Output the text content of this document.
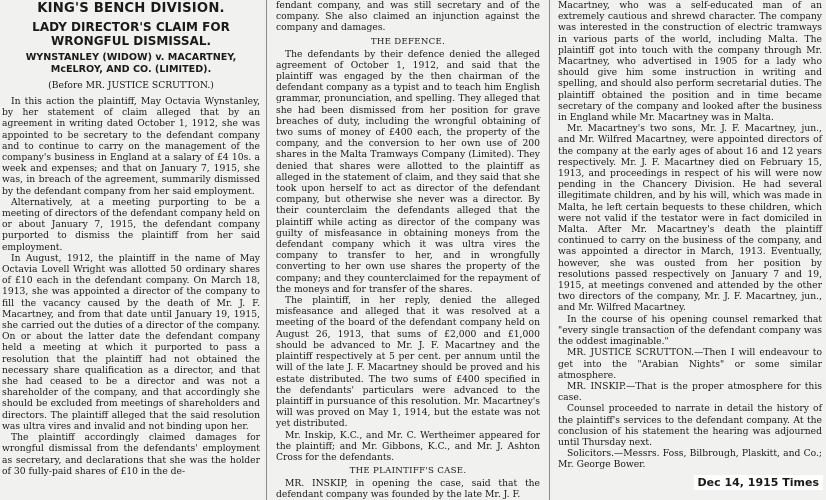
KING'S BENCH DIVISION.
LADY DIRECTOR'S CLAIM FOR WRONGFUL DISMISSAL.
WYNSTANLEY (WIDOW) v. MACARTNEY, McELROY, AND CO. (LIMITED).
(Before MR. JUSTICE SCRUTTON.)

In this action the plaintiff, May Octavia Wynstanley, by her statement of claim alleged that by an agreement in writing dated October 1, 1912, she was appointed to be secretary to the defendant company and to continue to carry on the management of the company's business in England at a salary of £4 10s. a week and expenses; and that on January 7, 1915, she was, in breach of the agreement, summarily dismissed by the defendant company from her said employment.

Alternatively, at a meeting purporting to be a meeting of directors of the defendant company held on or about January 7, 1915, the defendant company purported to dismiss the plaintiff from her said employment.

In August, 1912, the plaintiff in the name of May Octavia Lovell Wright was allotted 50 ordinary shares of £10 each in the defendant company. On March 18, 1913, she was appointed a director of the company to fill the vacancy caused by the death of Mr. J. F. Macartney, and from that date until January 19, 1915, she carried out the duties of a director of the company. On or about the latter date the defendant company held a meeting at which it purported to pass a resolution that the plaintiff had not obtained the necessary share qualification as a director, and that she had ceased to be a director and was not a shareholder of the company, and that accordingly she should be excluded from meetings of shareholders and directors. The plaintiff alleged that the said resolution was ultra vires and invalid and not binding upon her.

The plaintiff accordingly claimed damages for wrongful dismissal from the defendants' employment as secretary, and declarations that she was the holder of 30 fully-paid shares of £10 in the de-

fendant company, and was still secretary and of the company. She also claimed an injunction against the company and damages.

THE DEFENCE.

The defendants by their defence denied the alleged agreement of October 1, 1912, and said that the plaintiff was engaged by the then chairman of the defendant company as a typist and to teach him English grammar, pronunciation, and spelling. They alleged that she had been dismissed from her position for grave breaches of duty, including the wrongful obtaining of two sums of money of £400 each, the property of the company, and the conversion to her own use of 200 shares in the Malta Tramways Company (Limited). They denied that shares were allotted to the plaintiff as alleged in the statement of claim, and they said that she took upon herself to act as director of the defendant company, but otherwise she never was a director. By their counterclaim the defendants alleged that the plaintiff while acting as director of the company was guilty of misfeasance in obtaining moneys from the defendant company which it was ultra vires the company to transfer to her, and in wrongfully converting to her own use shares the property of the company; and they counterclaimed for the repayment of the moneys and for transfer of the shares.

The plaintiff, in her reply, denied the alleged misfeasance and alleged that it was resolved at a meeting of the board of the defendant company held on August 26, 1913, that sums of £2,000 and £1,000 should be advanced to Mr. J. F. Macartney and the plaintiff respectively at 5 per cent. per annum until the will of the late J. F. Macartney should be proved and his estate distributed. The two sums of £400 specified in the defendants' particulars were advanced to the plaintiff in pursuance of this resolution. Mr. Macartney's will was proved on May 1, 1914, but the estate was not yet distributed.

Mr. Inskip, K.C., and Mr. C. Wertheimer appeared for the plaintiff; and Mr. Gibbons, K.C., and Mr. J. Ashton Cross for the defendants.

THE PLAINTIFF'S CASE.

MR. INSKIP, in opening the case, said that the defendant company was founded by the late Mr. J. F.

Macartney, who was a self-educated man of an extremely cautious and shrewd character. The company was interested in the construction of electric tramways in various parts of the world, including Malta. The plaintiff got into touch with the company through Mr. Macartney, who advertised in 1905 for a lady who should give him some instruction in writing and spelling, and should also perform secretarial duties. The plaintiff obtained the position and in time became secretary of the company and looked after the business in England while Mr. Macartney was in Malta.

Mr. Macartney's two sons, Mr. J. F. Macartney, jun., and Mr. Wilfred Macartney, were appointed directors of the company at the early ages of about 16 and 12 years respectively. Mr. J. F. Macartney died on February 15, 1913, and proceedings in respect of his will were now pending in the Chancery Division. He had several illegitimate children, and by his will, which was made in Malta, he left certain bequests to these children, which were not valid if the testator were in fact domiciled in Malta. After Mr. Macartney's death the plaintiff continued to carry on the business of the company, and was appointed a director in March, 1913. Eventually, however, she was ousted from her position by resolutions passed respectively on January 7 and 19, 1915, at meetings convened and attended by the other two directors of the company, Mr. J. F. Macartney, jun., and Mr. Wilfred Macartney.

In the course of his opening counsel remarked that "every single transaction of the defendant company was the oddest imaginable."

MR. JUSTICE SCRUTTON.—Then I will endeavour to get into the "Arabian Nights" or some similar atmosphere.

MR. INSKIP.—That is the proper atmosphere for this case.

Counsel proceeded to narrate in detail the history of the plaintiff's services to the defendant company. At the conclusion of his statement the hearing was adjourned until Thursday next.

Solicitors.—Messrs. Foss, Bilbrough, Plaskitt, and Co.; Mr. George Bower.

Dec 14, 1915 Times
